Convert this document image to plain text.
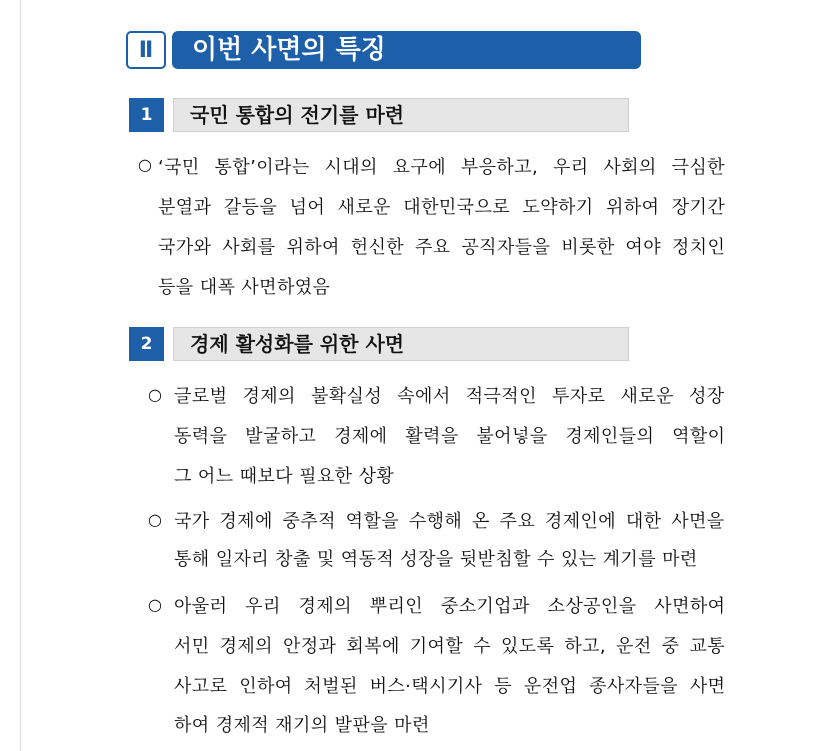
Ⅱ	이번 사면의 특징
1	국민 통합의 전기를 마련
○ ‘국민 통합’이라는 시대의 요구에 부응하고, 우리 사회의 극심한
분열과 갈등을 넘어 새로운 대한민국으로 도약하기 위하여 장기간
국가와 사회를 위하여 헌신한 주요 공직자들을 비롯한 여야 정치인
등을 대폭 사면하였음
2	경제 활성화를 위한 사면
○ 글로벌 경제의 불확실성 속에서 적극적인 투자로 새로운 성장
동력을 발굴하고 경제에 활력을 불어넣을 경제인들의 역할이
그 어느 때보다 필요한 상황
○ 국가 경제에 중추적 역할을 수행해 온 주요 경제인에 대한 사면을
통해 일자리 창출 및 역동적 성장을 뒷받침할 수 있는 계기를 마련
○ 아울러 우리 경제의 뿌리인 중소기업과 소상공인을 사면하여
서민 경제의 안정과 회복에 기여할 수 있도록 하고, 운전 중 교통
사고로 인하여 처벌된 버스·택시기사 등 운전업 종사자들을 사면
하여 경제적 재기의 발판을 마련
